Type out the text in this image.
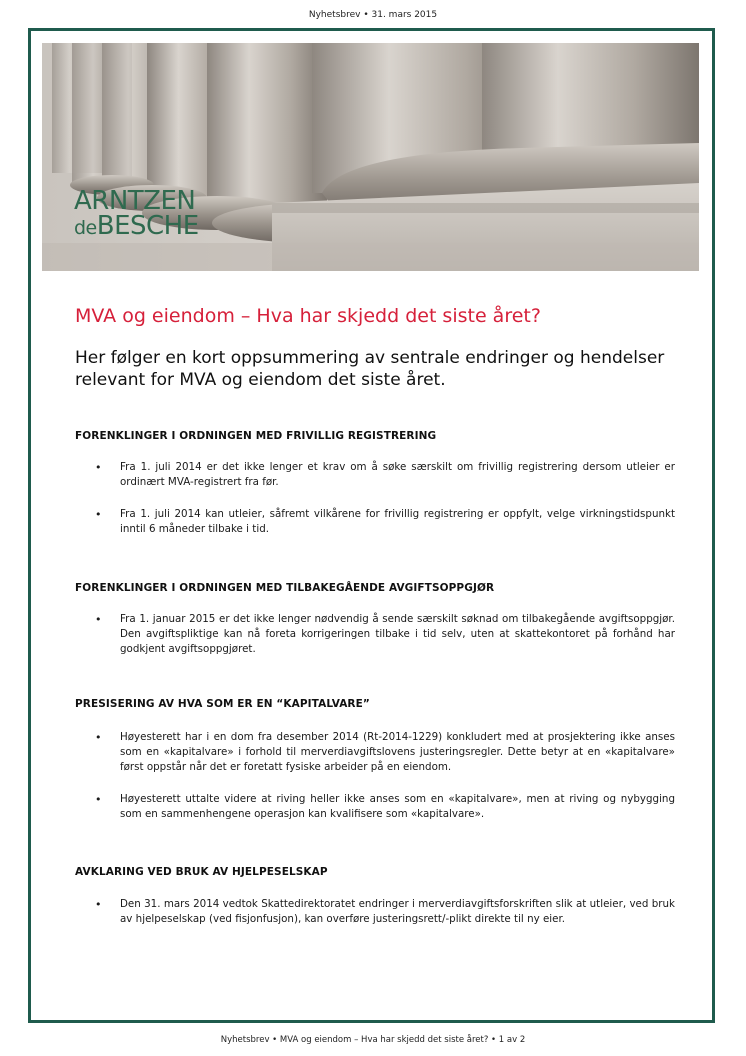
Nyhetsbrev • 31. mars 2015
ARNTZEN
deBESCHE
MVA og eiendom – Hva har skjedd det siste året?
Her følger en kort oppsummering av sentrale endringer og hendelser relevant for MVA og eiendom det siste året.
FORENKLINGER I ORDNINGEN MED FRIVILLIG REGISTRERING
• Fra 1. juli 2014 er det ikke lenger et krav om å søke særskilt om frivillig registrering dersom utleier er ordinært MVA-registrert fra før.
• Fra 1. juli 2014 kan utleier, såfremt vilkårene for frivillig registrering er oppfylt, velge virkningstidspunkt inntil 6 måneder tilbake i tid.
FORENKLINGER I ORDNINGEN MED TILBAKEGÅENDE AVGIFTSOPPGJØR
• Fra 1. januar 2015 er det ikke lenger nødvendig å sende særskilt søknad om tilbakegående avgiftsoppgjør. Den avgiftspliktige kan nå foreta korrigeringen tilbake i tid selv, uten at skattekontoret på forhånd har godkjent avgiftsoppgjøret.
PRESISERING AV HVA SOM ER EN “KAPITALVARE”
• Høyesterett har i en dom fra desember 2014 (Rt-2014-1229) konkludert med at prosjektering ikke anses som en «kapitalvare» i forhold til merverdiavgiftslovens justeringsregler. Dette betyr at en «kapitalvare» først oppstår når det er foretatt fysiske arbeider på en eiendom.
• Høyesterett uttalte videre at riving heller ikke anses som en «kapitalvare», men at riving og nybygging som en sammenhengene operasjon kan kvalifisere som «kapitalvare».
AVKLARING VED BRUK AV HJELPESELSKAP
• Den 31. mars 2014 vedtok Skattedirektoratet endringer i merverdiavgiftsforskriften slik at utleier, ved bruk av hjelpeselskap (ved fisjonfusjon), kan overføre justeringsrett/-plikt direkte til ny eier.
Nyhetsbrev • MVA og eiendom – Hva har skjedd det siste året? • 1 av 2
